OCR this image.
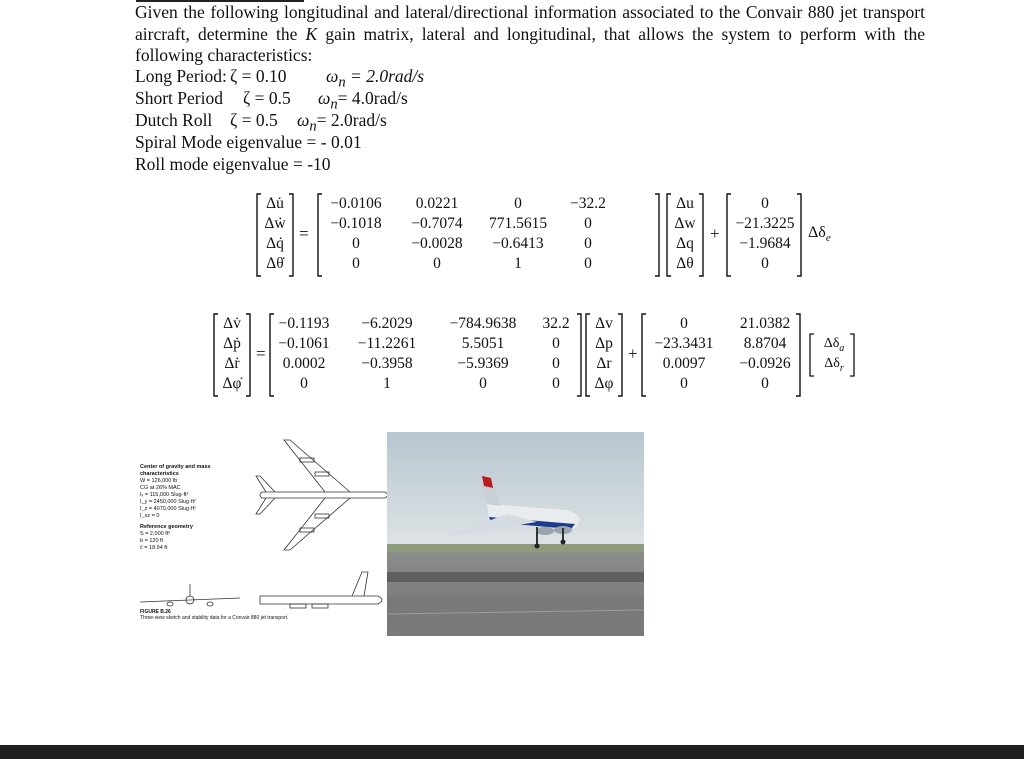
Given the following longitudinal and lateral/directional information associated to the Convair 880 jet transport aircraft, determine the K gain matrix, lateral and longitudinal, that allows the system to perform with the following characteristics:
Long Period: ζ = 0.10 $\omega_n = 2.0rad/s$
Short Period ζ = 0.5 $\omega_n= 4.0rad/s$
Dutch Roll ζ = 0.5 $\omega_n= 2.0rad/s$
Spiral Mode eigenvalue = - 0.01
Roll mode eigenvalue = -10
Δu̇
Δẇ
Δq̇
Δθ̇
=
−0.0106
−0.1018
0
0
0.0221
−0.7074
−0.0028
0
0
771.5615
−0.6413
1
−32.2
0
0
0
Δu
Δw
Δq
Δθ
+
0
−21.3225
−1.9684
0
$\Delta\delta_e$
Δv̇
Δṗ
Δṙ
Δφ̇
=
−0.1193
−0.1061
0.0002
0
−6.2029
−11.2261
−0.3958
1
−784.9638
5.5051
−5.9369
0
32.2
0
0
0
Δv
Δp
Δr
Δφ
+
0
−23.3431
0.0097
0
21.0382
8.8704
−0.0926
0
$\Delta\delta_a$
$\Delta\delta_r$
Center of gravity and mass characteristics
W = 126,000 lb
CG at 26% MAC
Iₓ = 115,000 Slug·ft²
I_y = 2450,000 Slug·ft²
I_z = 4070,000 Slug·ft²
I_xz = 0
Reference geometry
S = 2,000 ft²
b = 120 ft
c̄ = 18.94 ft
FIGURE B.26
Three-view sketch and stability data for a Convair 880 jet transport.
